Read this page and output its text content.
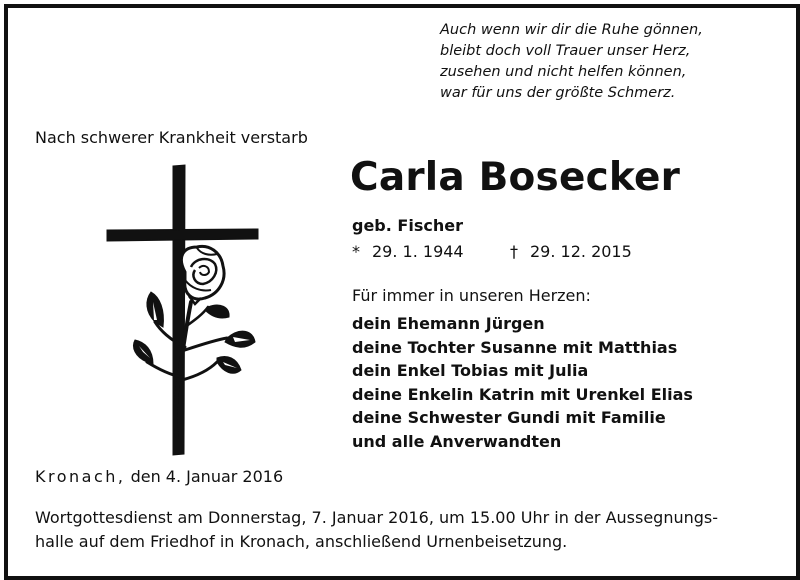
Auch wenn wir dir die Ruhe gönnen,
bleibt doch voll Trauer unser Herz,
zusehen und nicht helfen können,
war für uns der größte Schmerz.
Nach schwerer Krankheit verstarb
Carla Bosecker
geb. Fischer
* 29. 1. 1944	† 29. 12. 2015
Für immer in unseren Herzen:
dein Ehemann Jürgen
deine Tochter Susanne mit Matthias
dein Enkel Tobias mit Julia
deine Enkelin Katrin mit Urenkel Elias
deine Schwester Gundi mit Familie
und alle Anverwandten
Kronach, den 4. Januar 2016
Wortgottesdienst am Donnerstag, 7. Januar 2016, um 15.00 Uhr in der Aussegnungs-
halle auf dem Friedhof in Kronach, anschließend Urnenbeisetzung.
